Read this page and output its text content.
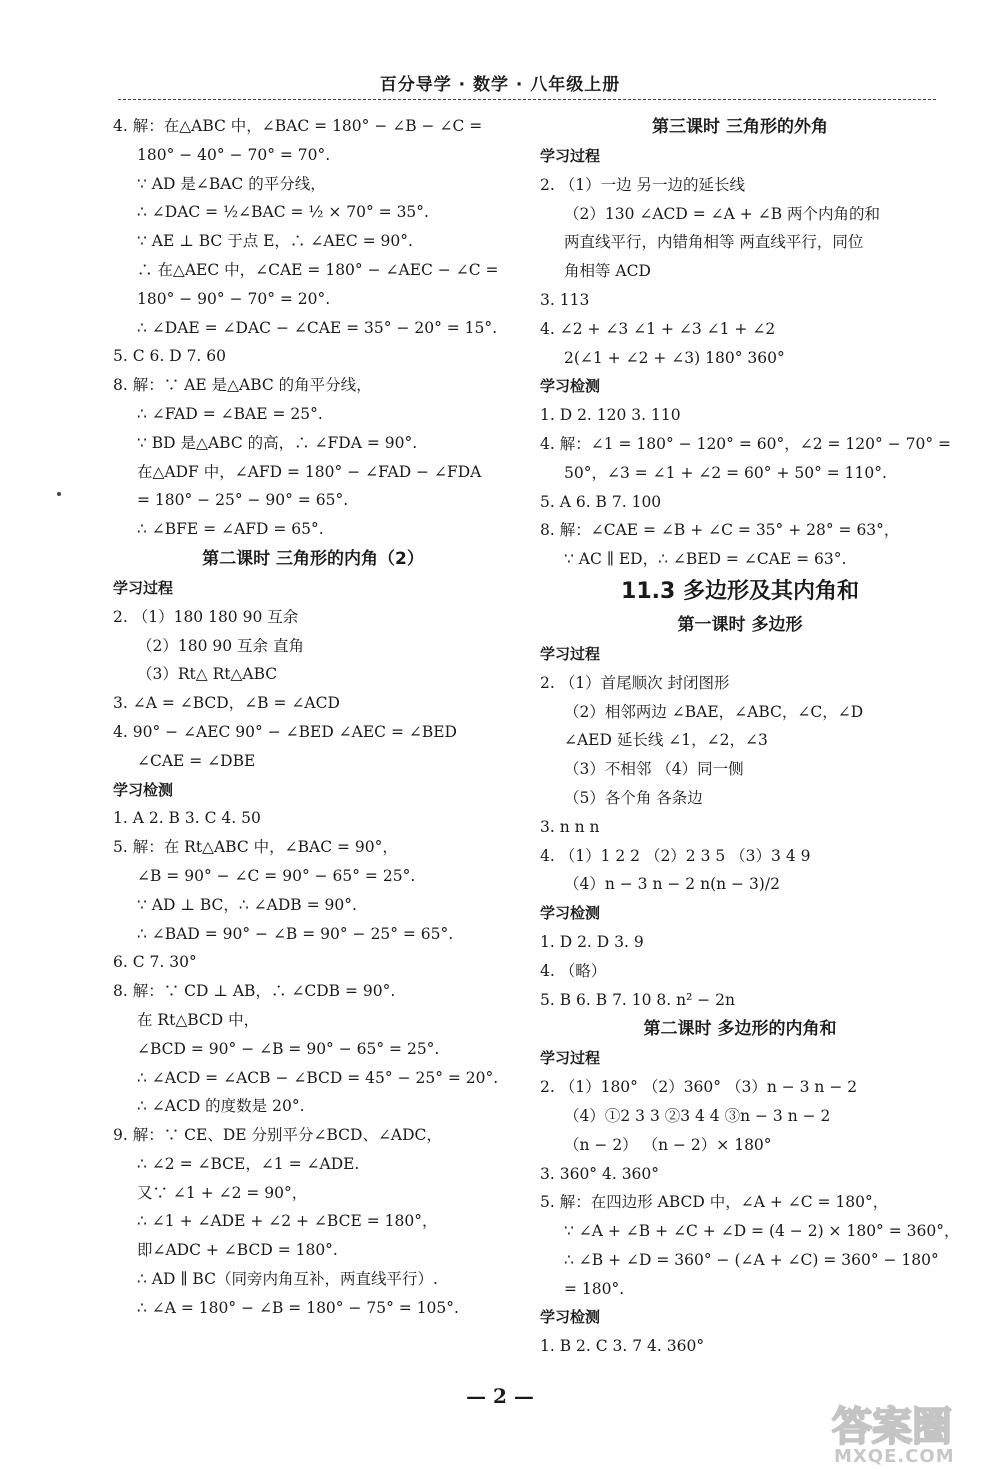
百分导学 · 数学 · 八年级上册
4. 解：在△ABC 中，∠BAC = 180° − ∠B − ∠C =
180° − 40° − 70° = 70°.
∵ AD 是∠BAC 的平分线，
∴ ∠DAC = ½∠BAC = ½ × 70° = 35°.
∵ AE ⊥ BC 于点 E，∴ ∠AEC = 90°.
∴ 在△AEC 中，∠CAE = 180° − ∠AEC − ∠C =
180° − 90° − 70° = 20°.
∴ ∠DAE = ∠DAC − ∠CAE = 35° − 20° = 15°.
5. C 6. D 7. 60
8. 解：∵ AE 是△ABC 的角平分线，
∴ ∠FAD = ∠BAE = 25°.
∵ BD 是△ABC 的高，∴ ∠FDA = 90°.
在△ADF 中，∠AFD = 180° − ∠FAD − ∠FDA
= 180° − 25° − 90° = 65°.
∴ ∠BFE = ∠AFD = 65°.
第二课时 三角形的内角（2）
学习过程
2. （1）180 180 90 互余
（2）180 90 互余 直角
（3）Rt△ Rt△ABC
3. ∠A = ∠BCD，∠B = ∠ACD
4. 90° − ∠AEC 90° − ∠BED ∠AEC = ∠BED
∠CAE = ∠DBE
学习检测
1. A 2. B 3. C 4. 50
5. 解：在 Rt△ABC 中，∠BAC = 90°，
∠B = 90° − ∠C = 90° − 65° = 25°.
∵ AD ⊥ BC，∴ ∠ADB = 90°.
∴ ∠BAD = 90° − ∠B = 90° − 25° = 65°.
6. C 7. 30°
8. 解：∵ CD ⊥ AB，∴ ∠CDB = 90°.
在 Rt△BCD 中，
∠BCD = 90° − ∠B = 90° − 65° = 25°.
∴ ∠ACD = ∠ACB − ∠BCD = 45° − 25° = 20°.
∴ ∠ACD 的度数是 20°.
9. 解：∵ CE、DE 分别平分∠BCD、∠ADC，
∴ ∠2 = ∠BCE，∠1 = ∠ADE.
又∵ ∠1 + ∠2 = 90°，
∴ ∠1 + ∠ADE + ∠2 + ∠BCE = 180°，
即∠ADC + ∠BCD = 180°.
∴ AD ∥ BC（同旁内角互补，两直线平行）.
∴ ∠A = 180° − ∠B = 180° − 75° = 105°.
第三课时 三角形的外角
学习过程
2. （1）一边 另一边的延长线
（2）130 ∠ACD = ∠A + ∠B 两个内角的和
两直线平行，内错角相等 两直线平行，同位
角相等 ACD
3. 113
4. ∠2 + ∠3 ∠1 + ∠3 ∠1 + ∠2
2(∠1 + ∠2 + ∠3) 180° 360°
学习检测
1. D 2. 120 3. 110
4. 解：∠1 = 180° − 120° = 60°，∠2 = 120° − 70° =
50°，∠3 = ∠1 + ∠2 = 60° + 50° = 110°.
5. A 6. B 7. 100
8. 解：∠CAE = ∠B + ∠C = 35° + 28° = 63°，
∵ AC ∥ ED，∴ ∠BED = ∠CAE = 63°.
11.3 多边形及其内角和
第一课时 多边形
学习过程
2. （1）首尾顺次 封闭图形
（2）相邻两边 ∠BAE，∠ABC，∠C，∠D
∠AED 延长线 ∠1，∠2，∠3
（3）不相邻 （4）同一侧
（5）各个角 各条边
3. n n n
4. （1）1 2 2 （2）2 3 5 （3）3 4 9
（4）n − 3 n − 2 n(n − 3)/2
学习检测
1. D 2. D 3. 9
4. （略）
5. B 6. B 7. 10 8. n² − 2n
第二课时 多边形的内角和
学习过程
2. （1）180° （2）360° （3）n − 3 n − 2
（4）①2 3 3 ②3 4 4 ③n − 3 n − 2
（n − 2） （n − 2）× 180°
3. 360° 4. 360°
5. 解：在四边形 ABCD 中，∠A + ∠C = 180°，
∵ ∠A + ∠B + ∠C + ∠D = (4 − 2) × 180° = 360°，
∴ ∠B + ∠D = 360° − (∠A + ∠C) = 360° − 180°
= 180°.
学习检测
1. B 2. C 3. 7 4. 360°
— 2 —
答案圈
MXQE.COM
